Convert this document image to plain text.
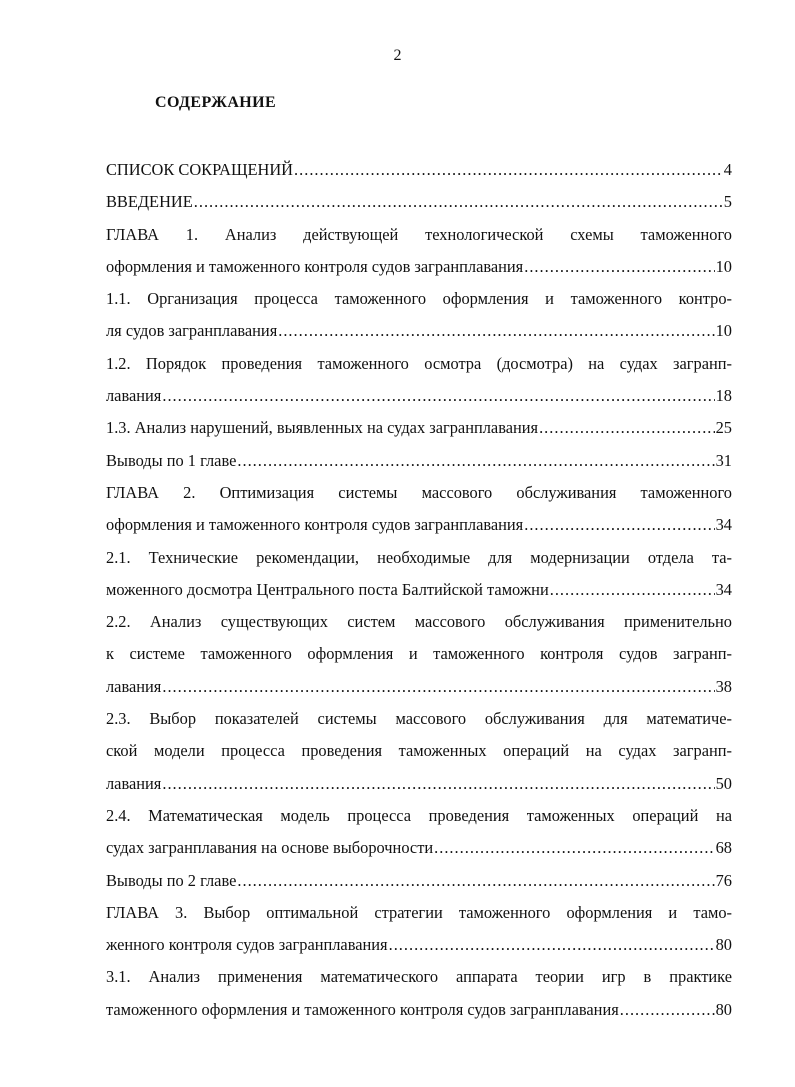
2
СОДЕРЖАНИЕ
СПИСОК СОКРАЩЕНИЙ .....	4
ВВЕДЕНИЕ .....	5
ГЛАВА 1. Анализ действующей технологической схемы таможенного
оформления и таможенного контроля судов загранплавания .....	10
1.1. Организация процесса таможенного оформления и таможенного контро-
ля судов загранплавания .....	10
1.2. Порядок проведения таможенного осмотра (досмотра) на судах загранп-
лавания .....	18
1.3. Анализ нарушений, выявленных на судах загранплавания .....	25
Выводы по 1 главе .....	31
ГЛАВА 2. Оптимизация системы массового обслуживания таможенного
оформления и таможенного контроля судов загранплавания .....	34
2.1. Технические рекомендации, необходимые для модернизации отдела та-
моженного досмотра Центрального поста Балтийской таможни .....	34
2.2. Анализ существующих систем массового обслуживания применительно
к системе таможенного оформления и таможенного контроля судов загранп-
лавания .....	38
2.3. Выбор показателей системы массового обслуживания для математиче-
ской модели процесса проведения таможенных операций на судах загранп-
лавания .....	50
2.4. Математическая модель процесса проведения таможенных операций на
судах загранплавания на основе выборочности .....	68
Выводы по 2 главе .....	76
ГЛАВА 3. Выбор оптимальной стратегии таможенного оформления и тамо-
женного контроля судов загранплавания .....	80
3.1. Анализ применения математического аппарата теории игр в практике
таможенного оформления и таможенного контроля судов загранплавания .....	80
